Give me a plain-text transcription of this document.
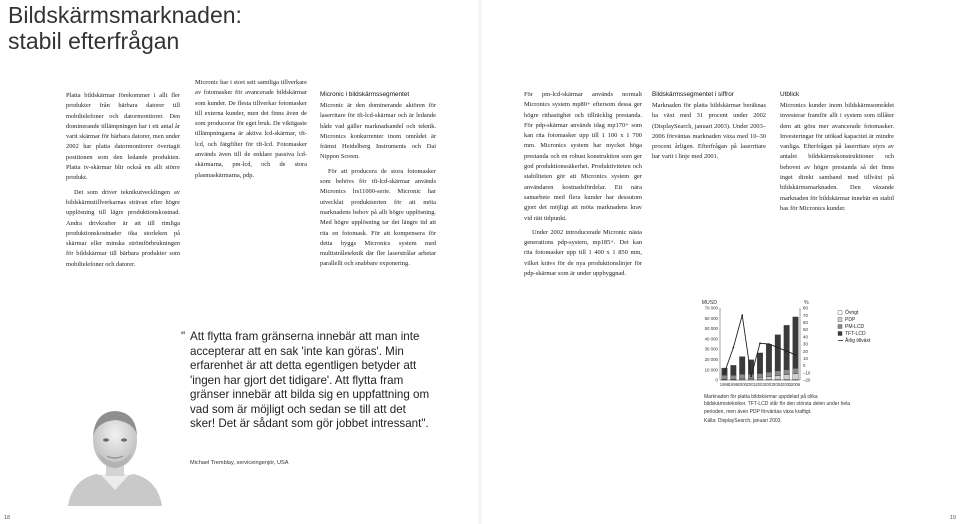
Bildskärmsmarknaden:
stabil efterfrågan

Platta bildskärmar förekommer i allt fler produkter från bärbara datorer till mobiltelefoner och datormonitorer. Den dominerande tillämpningen har i ett antal år varit skärmar för bärbara datorer, men under 2002 har platta datormonitorer övertagit positionen som den ledande produkten. Platta tv-skärmar blir också en allt större produkt.

Det som driver teknikutvecklingen av bildskärmstillverkarnas strävan efter högre upplösning till lägre produktionskostnad. Andra drivkrafter är att till rimliga produktionskostnader öka storleken på skärmar eller minska strömförbrukningen för bildskärmar till bärbara produkter som mobiltelefoner och datorer.

Micronic har i stort sett samtliga tillverkare av fotomasker för avancerade bildskärmar som kunder. De flesta tillverkar fotomasker till externa kunder, men det finns även de som producerar för eget bruk. De viktigaste tillämpningarna är aktiva lcd-skärmar, tft-lcd, och färgfilter för tft-lcd. Fotomasker används även till de enklare passiva lcd-skärmarna, pm-lcd, och de stora plasmaskärmarna, pdp.

Micronic i bildskärmssegmentet

Micronic är den dominerande aktören för laserritare för tft-lcd-skärmar och är ledande både vad gäller marknadsandel och teknik. Micronics konkurrenter inom området är främst Heidelberg Instruments och Dai Nippon Screen.

För att producera de stora fotomasker som behövs för tft-lcd-skärmar används Micronics lrs11000-serie. Micronic har utvecklat produktserien för att möta marknadens behov på allt högre upplösning. Med högre upplösning tar det längre tid att rita en fotomask. För att kompensera för detta byggs Micronics system med multistråleteknik där fler laserstrålar arbetar parallellt och snabbare exponering.

" Att flytta fram gränserna innebär att man inte accepterar att en sak 'inte kan göras'. Min erfarenhet är att detta egentligen betyder att 'ingen har gjort det tidigare'. Att flytta fram gränser innebär att bilda sig en uppfattning om vad som är möjligt och sedan se till att det sker! Det är sådant som gör jobbet intressant".
Michael Tremblay, serviceingenjör, USA
18

För pm-lcd-skärmar används normalt Micronics system mp80+ eftersom dessa ger högre rithastighet och tillräcklig prestanda. För pdp-skärmar används idag mp170+ som kan rita fotomasker upp till 1 100 x 1 700 mm. Micronics system har mycket höga prestanda och en robust konstruktion som ger god produktionssäkerhet. Produktiviteten och stabiliteten gör att Micronics system ger användaren kostnadsfördelar. Ett nära samarbete med flera kunder har dessutom gjort det möjligt att möta marknadens krav vid rätt tidpunkt.

Under 2002 introducerade Micronic nästa generations pdp-system, mp185+. Det kan rita fotomasker upp till 1 400 x 1 850 mm, vilket krävs för de nya produktionslinjer för pdp-skärmar som är under uppbyggnad.

Bildskärmssegmentet i siffror

Marknaden för platta bildskärmar beräknas ha växt med 31 procent under 2002 (DisplaySearch, januari 2003). Under 2003–2006 förväntas marknaden växa med 10–30 procent årligen. Efterfrågan på laserritare har varit i linje med 2001.

Utblick

Micronics kunder inom bildskärmsområdet investerar framför allt i system som tillåter dem att göra mer avancerade fotomasker. Investeringar för utökad kapacitet är mindre vanliga. Efterfrågan på laserritare styrs av antalet bildskärmskonstruktioner och behovet av högre prestanda så det finns inget direkt samband med tillväxt på bildskärmsmarknaden. Den växande marknaden för bildskärmar innebär en stabil bas för Micronics kunder.

MUSD	%
70 000
60 000
50 000
40 000
30 000
20 000
10 000
0
80
70
60
50
40
30
20
10
0
–10
–20
1998 1999 2000 2001 2002 2003 2004 2005 2006
Övrigt
PDP
PM-LCD
TFT-LCD
Årlig tillväxt
Marknaden för platta bildskärmar uppdelad på olika bildskärmstekniker. TFT-LCD står för den största delen under hela perioden, men även PDP förväntas växa kraftigt.
Källa: DisplaySearch, januari 2003.
19
